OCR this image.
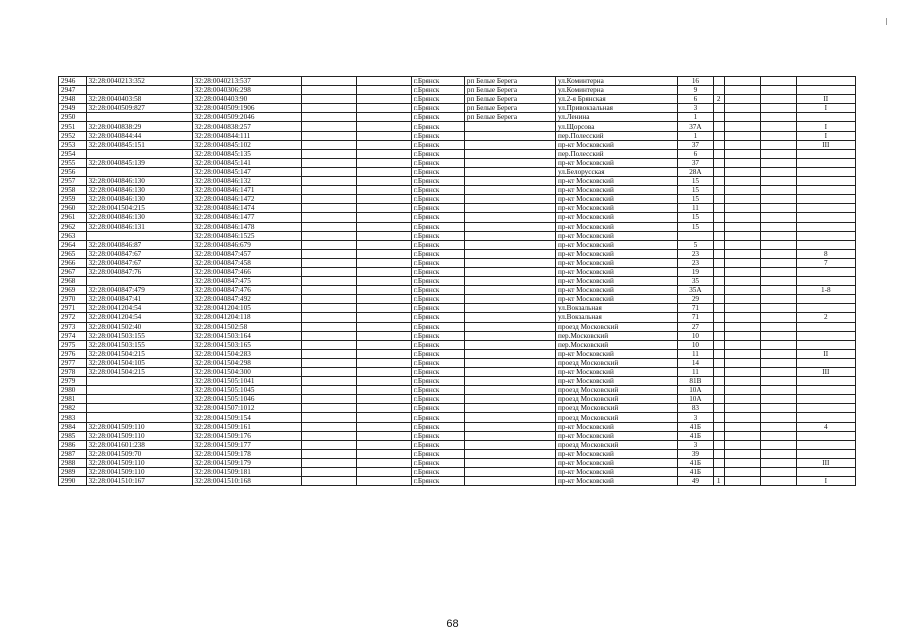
2946	32:28:0040213:352	32:28:0040213:537			г.Брянск	рп Белые Берега	ул.Коминтерна	16				
2947		32:28:0040306:298			г.Брянск	рп Белые Берега	ул.Коминтерна	9				
2948	32:28:0040403:58	32:28:0040403:90			г.Брянск	рп Белые Берега	ул.2-я Брянская	6	2			II
2949	32:28:0040509:827	32:28:0040509:1906			г.Брянск	рп Белые Берега	ул.Привокзальная	3				I
2950		32:28:0040509:2046			г.Брянск	рп Белые Берега	ул.Ленина	1				
2951	32:28:0040838:29	32:28:0040838:257			г.Брянск		ул.Щорсова	37А				I
2952	32:28:0040844:44	32:28:0040844:111			г.Брянск		пер.Полесский	1				I
2953	32:28:0040845:151	32:28:0040845:102			г.Брянск		пр-кт Московский	37				III
2954		32:28:0040845:135			г.Брянск		пер.Полесский	6				
2955	32:28:0040845:139	32:28:0040845:141			г.Брянск		пр-кт Московский	37				
2956		32:28:0040845:147			г.Брянск		ул.Белорусская	28А				
2957	32:28:0040846:130	32:28:0040846:132			г.Брянск		пр-кт Московский	15				
2958	32:28:0040846:130	32:28:0040846:1471			г.Брянск		пр-кт Московский	15				
2959	32:28:0040846:130	32:28:0040846:1472			г.Брянск		пр-кт Московский	15				
2960	32:28:0041504:215	32:28:0040846:1474			г.Брянск		пр-кт Московский	11				
2961	32:28:0040846:130	32:28:0040846:1477			г.Брянск		пр-кт Московский	15				
2962	32:28:0040846:131	32:28:0040846:1478			г.Брянск		пр-кт Московский	15				
2963		32:28:0040846:1525			г.Брянск		пр-кт Московский					
2964	32:28:0040846:87	32:28:0040846:679			г.Брянск		пр-кт Московский	5				
2965	32:28:0040847:67	32:28:0040847:457			г.Брянск		пр-кт Московский	23				8
2966	32:28:0040847:67	32:28:0040847:458			г.Брянск		пр-кт Московский	23				7
2967	32:28:0040847:76	32:28:0040847:466			г.Брянск		пр-кт Московский	19				
2968		32:28:0040847:475			г.Брянск		пр-кт Московский	35				
2969	32:28:0040847:479	32:28:0040847:476			г.Брянск		пр-кт Московский	35А				1-8
2970	32:28:0040847:41	32:28:0040847:492			г.Брянск		пр-кт Московский	29				
2971	32:28:0041204:54	32:28:0041204:105			г.Брянск		ул.Вокзальная	71				
2972	32:28:0041204:54	32:28:0041204:118			г.Брянск		ул.Вокзальная	71				2
2973	32:28:0041502:40	32:28:0041502:58			г.Брянск		проезд Московский	27				
2974	32:28:0041503:155	32:28:0041503:164			г.Брянск		пер.Московский	10				
2975	32:28:0041503:155	32:28:0041503:165			г.Брянск		пер.Московский	10				
2976	32:28:0041504:215	32:28:0041504:283			г.Брянск		пр-кт Московский	11				II
2977	32:28:0041504:105	32:28:0041504:298			г.Брянск		проезд Московский	14				
2978	32:28:0041504:215	32:28:0041504:300			г.Брянск		пр-кт Московский	11				III
2979		32:28:0041505:1041			г.Брянск		пр-кт Московский	81В				
2980		32:28:0041505:1045			г.Брянск		проезд Московский	10А				
2981		32:28:0041505:1046			г.Брянск		проезд Московский	10А				
2982		32:28:0041507:1012			г.Брянск		проезд Московский	83				
2983		32:28:0041509:154			г.Брянск		проезд Московский	3				
2984	32:28:0041509:110	32:28:0041509:161			г.Брянск		пр-кт Московский	41Б				4
2985	32:28:0041509:110	32:28:0041509:176			г.Брянск		пр-кт Московский	41Б				
2986	32:28:0041601:238	32:28:0041509:177			г.Брянск		проезд Московский	3				
2987	32:28:0041509:70	32:28:0041509:178			г.Брянск		пр-кт Московский	39				
2988	32:28:0041509:110	32:28:0041509:179			г.Брянск		пр-кт Московский	41Б				III
2989	32:28:0041509:110	32:28:0041509:181			г.Брянск		пр-кт Московский	41Б				
2990	32:28:0041510:167	32:28:0041510:168			г.Брянск		пр-кт Московский	49	1			I
68
